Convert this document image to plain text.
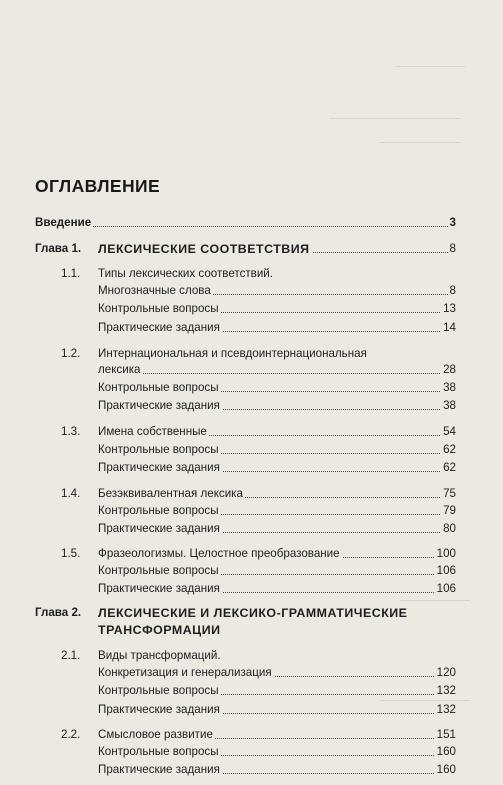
ОГЛАВЛЕНИЕ
Введение	3
Глава 1. ЛЕКСИЧЕСКИЕ СООТВЕТСТВИЯ	8
1.1. Типы лексических соответствий.
Многозначные слова	8
Контрольные вопросы	13
Практические задания	14
1.2. Интернациональная и псевдоинтернациональная
лексика	28
Контрольные вопросы	38
Практические задания	38
1.3. Имена собственные	54
Контрольные вопросы	62
Практические задания	62
1.4. Безэквивалентная лексика	75
Контрольные вопросы	79
Практические задания	80
1.5. Фразеологизмы. Целостное преобразование	100
Контрольные вопросы	106
Практические задания	106
Глава 2. ЛЕКСИЧЕСКИЕ И ЛЕКСИКО-ГРАММАТИЧЕСКИЕ
ТРАНСФОРМАЦИИ
2.1. Виды трансформаций.
Конкретизация и генерализация	120
Контрольные вопросы	132
Практические задания	132
2.2. Смысловое развитие	151
Контрольные вопросы	160
Практические задания	160
